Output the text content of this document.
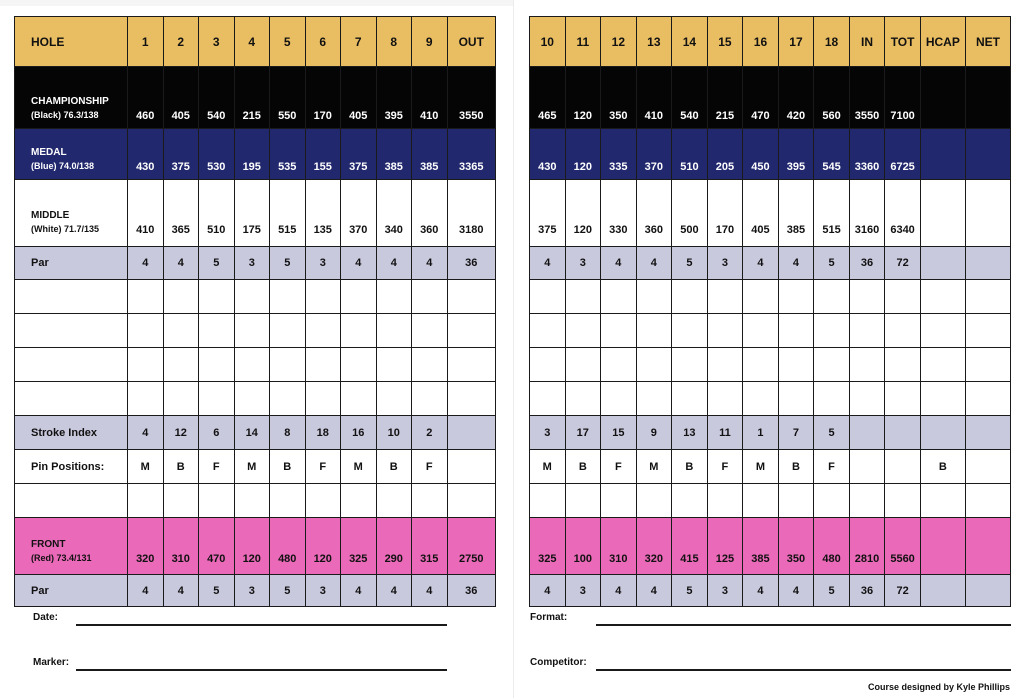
HOLE	1	2	3	4	5	6	7	8	9	OUT

CHAMPIONSHIP
(Black) 76.3/138	460	405	540	215	550	170	405	395	410	3550

MEDAL
(Blue) 74.0/138	430	375	530	195	535	155	375	385	385	3365

MIDDLE
(White) 71.7/135	410	365	510	175	515	135	370	340	360	3180
Par	4	4	5	3	5	3	4	4	4	36

Stroke Index	4	12	6	14	8	18	16	10	2	
Pin Positions:	M	B	F	M	B	F	M	B	F	

FRONT
(Red) 73.4/131	320	310	470	120	480	120	325	290	315	2750
Par	4	4	5	3	5	3	4	4	4	36
10	11	12	13	14	15	16	17	18	IN	TOT	HCAP	NET
465	120	350	410	540	215	470	420	560	3550	7100		
430	120	335	370	510	205	450	395	545	3360	6725		
375	120	330	360	500	170	405	385	515	3160	6340		
4	3	4	4	5	3	4	4	5	36	72		

3	17	15	9	13	11	1	7	5				
M	B	F	M	B	F	M	B	F			B	

325	100	310	320	415	125	385	350	480	2810	5560		
4	3	4	4	5	3	4	4	5	36	72		
Date:
Marker:
Format:
Competitor:
Course designed by Kyle Phillips
